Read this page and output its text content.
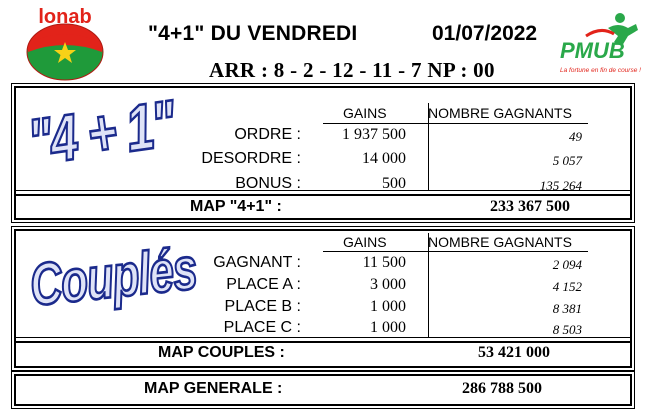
lonab
"4+1" DU VENDREDI	01/07/2022
ARR : 8 - 2 - 12 - 11 - 7 NP : 00
PMUB
La fortune en fin de course !
"4 + 1"	GAINS	NOMBRE GAGNANTS
ORDRE :	1 937 500	49
DESORDRE :	14 000	5 057
BONUS :	500	135 264
MAP "4+1" :	233 367 500
Couplés	GAINS	NOMBRE GAGNANTS
GAGNANT :	11 500	2 094
PLACE A :	3 000	4 152
PLACE B :	1 000	8 381
PLACE C :	1 000	8 503
MAP COUPLES :	53 421 000
MAP GENERALE :	286 788 500
